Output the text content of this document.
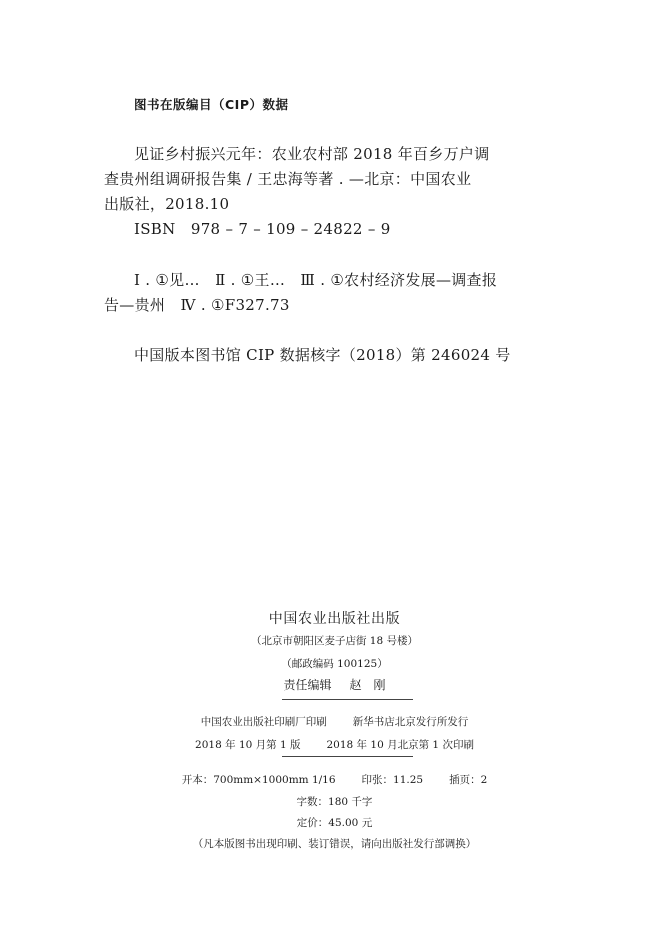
图书在版编目（CIP）数据
见证乡村振兴元年：农业农村部 2018 年百乡万户调
查贵州组调研报告集 / 王忠海等著 . —北京：中国农业
出版社，2018.10
ISBN　978 – 7 – 109 – 24822 – 9
Ⅰ . ①见…　Ⅱ . ①王…　Ⅲ . ①农村经济发展—调查报
告—贵州　Ⅳ . ①F327.73
中国版本图书馆 CIP 数据核字（2018）第 246024 号
中国农业出版社出版
（北京市朝阳区麦子店街 18 号楼）
（邮政编码 100125）
责任编辑 赵　刚
中国农业出版社印刷厂印刷 新华书店北京发行所发行
2018 年 10 月第 1 版 2018 年 10 月北京第 1 次印刷
开本：700mm×1000mm 1/16 印张：11.25 插页：2
字数：180 千字
定价：45.00 元
（凡本版图书出现印刷、装订错误，请向出版社发行部调换）
